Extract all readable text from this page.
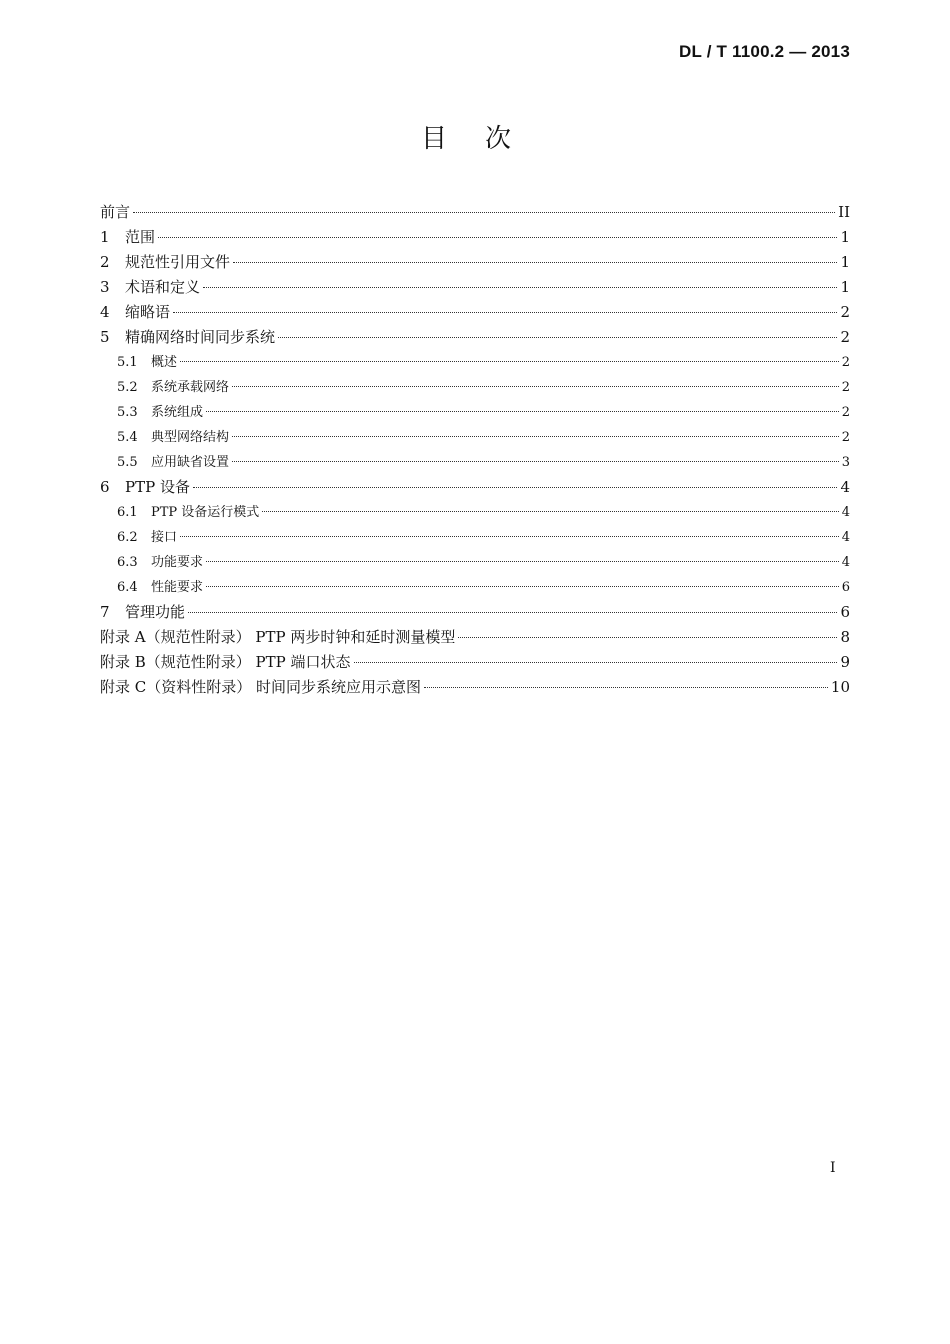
DL / T 1100.2 — 2013
目次
前言	II
1	范围	1
2	规范性引用文件	1
3	术语和定义	1
4	缩略语	2
5	精确网络时间同步系统	2
5.1	概述	2
5.2	系统承载网络	2
5.3	系统组成	2
5.4	典型网络结构	2
5.5	应用缺省设置	3
6	PTP 设备	4
6.1	PTP 设备运行模式	4
6.2	接口	4
6.3	功能要求	4
6.4	性能要求	6
7	管理功能	6
附录 A（规范性附录） PTP 两步时钟和延时测量模型	8
附录 B（规范性附录） PTP 端口状态	9
附录 C（资料性附录） 时间同步系统应用示意图	10
I
